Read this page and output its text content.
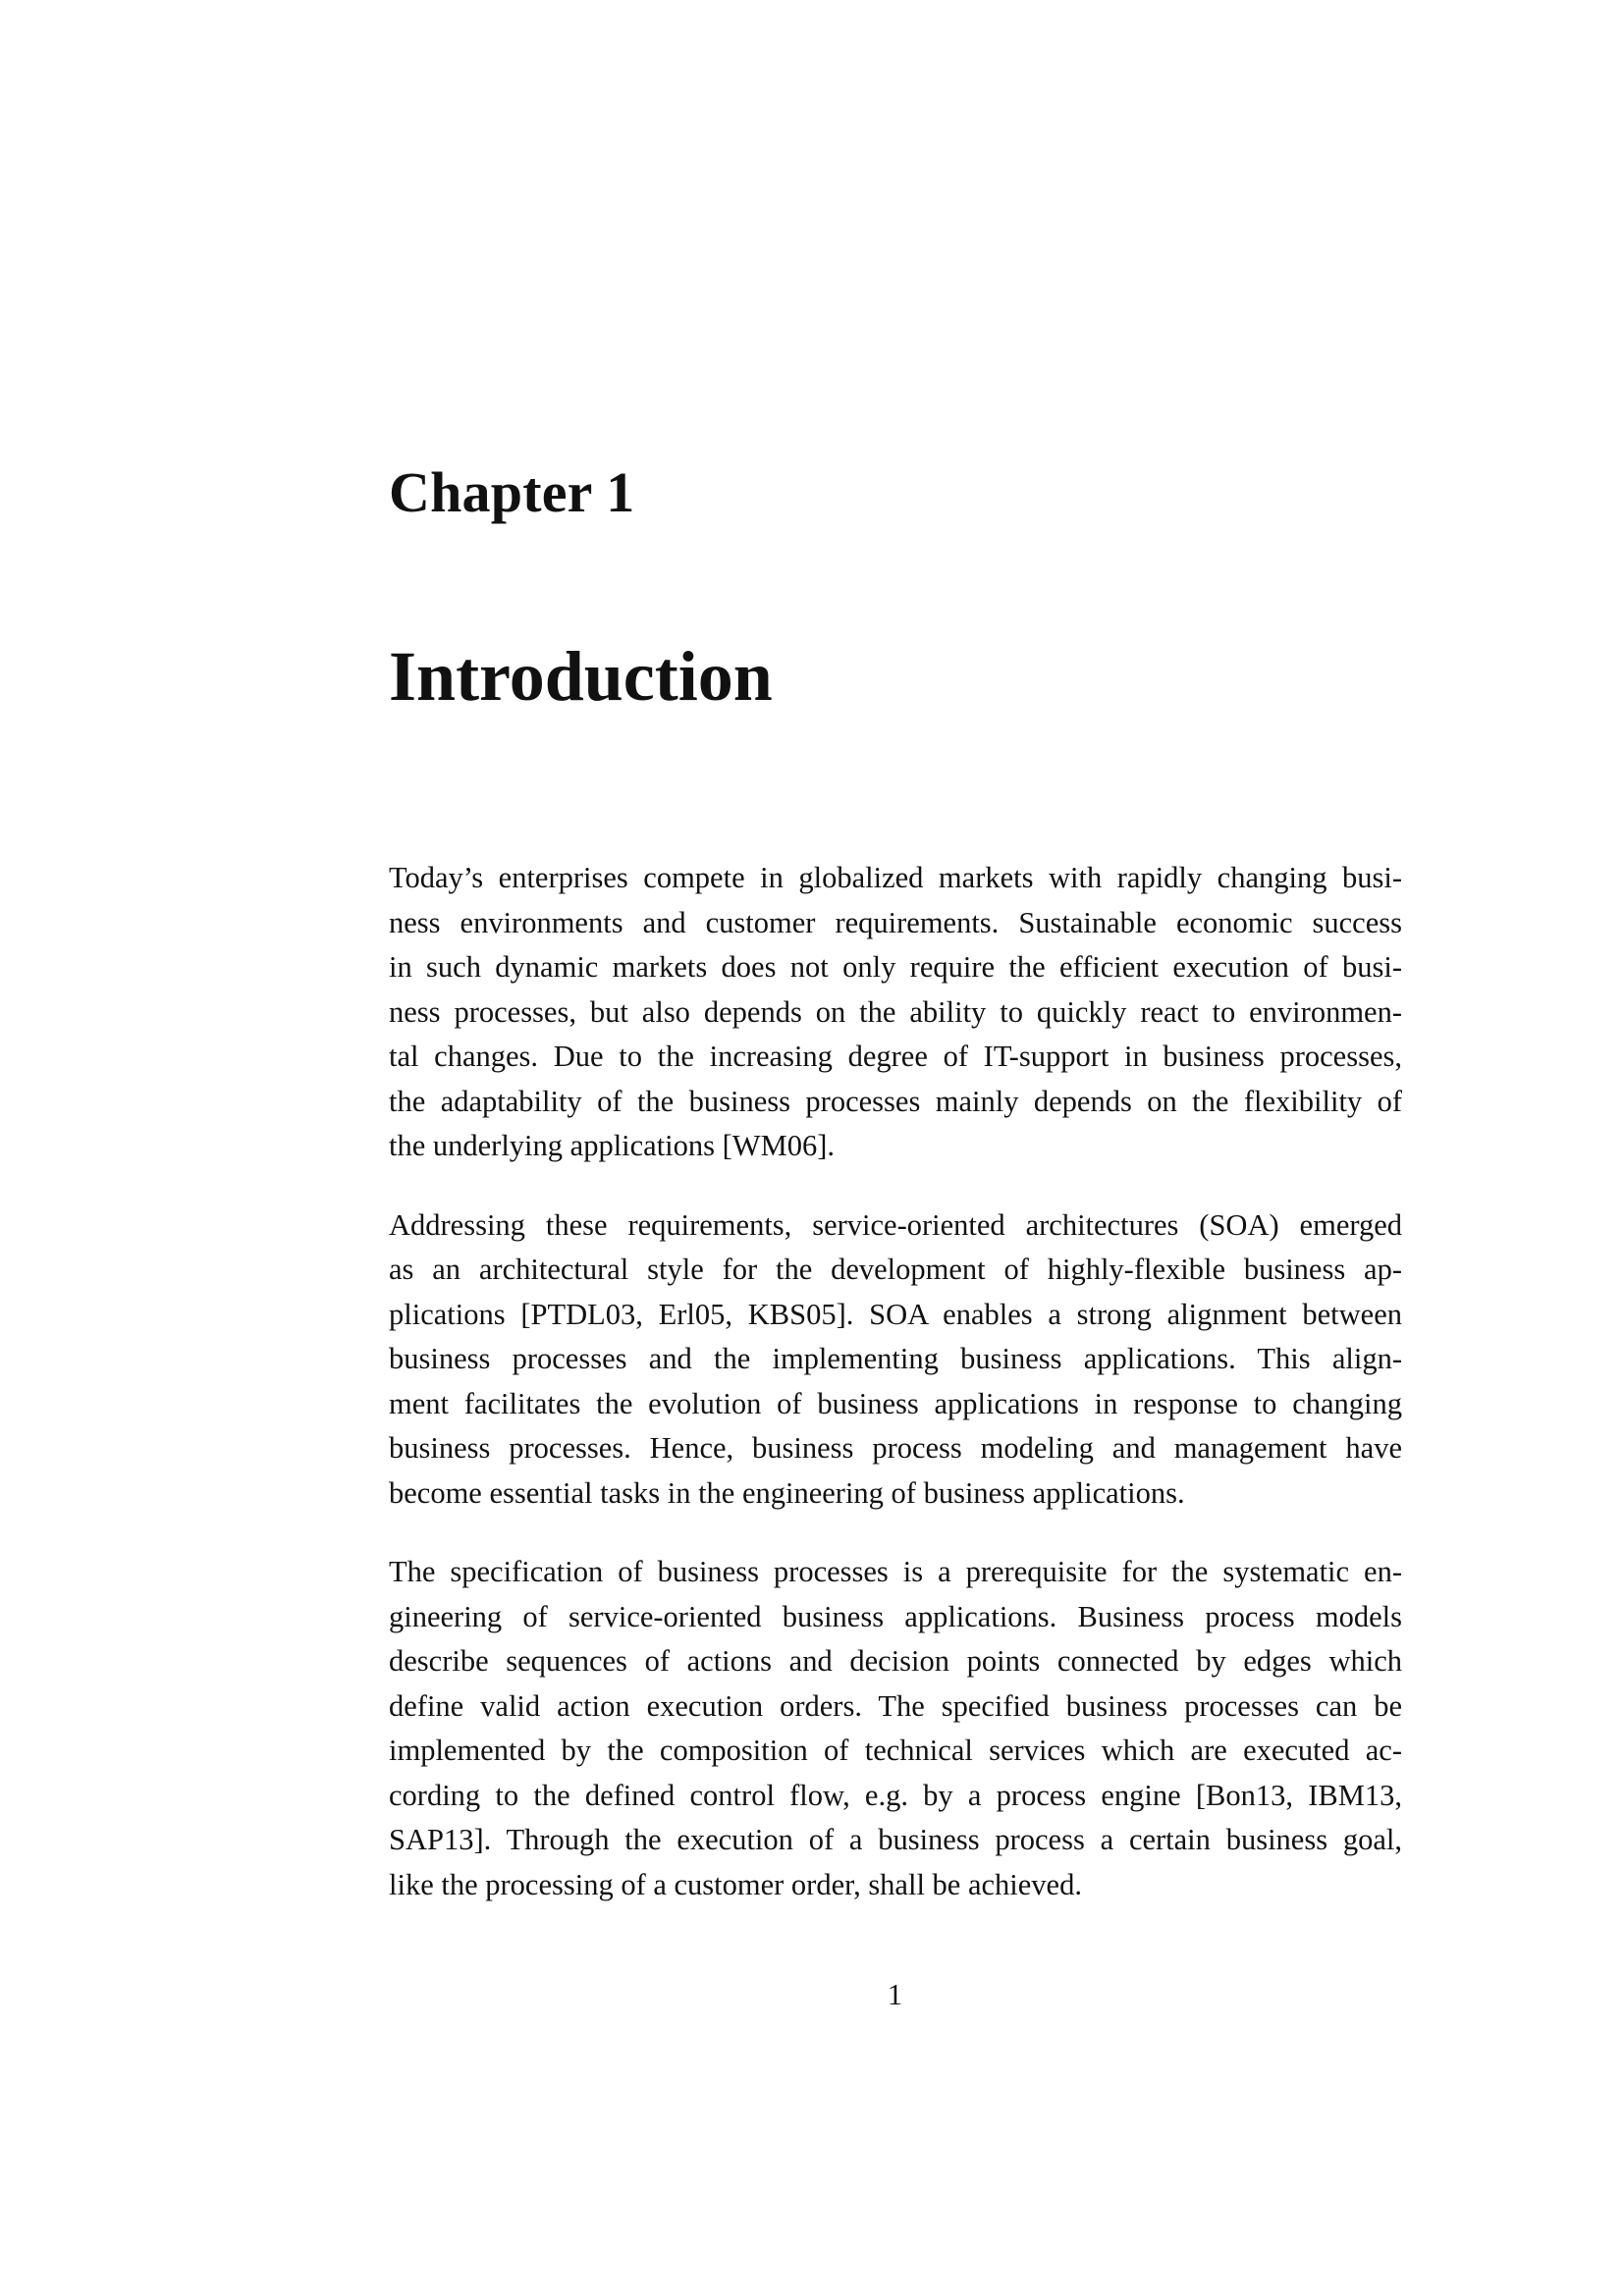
Chapter 1
Introduction

Today’s enterprises compete in globalized markets with rapidly changing busi-
ness environments and customer requirements. Sustainable economic success
in such dynamic markets does not only require the efficient execution of busi-
ness processes, but also depends on the ability to quickly react to environmen-
tal changes. Due to the increasing degree of IT-support in business processes,
the adaptability of the business processes mainly depends on the flexibility of
the underlying applications [WM06].

Addressing these requirements, service-oriented architectures (SOA) emerged
as an architectural style for the development of highly-flexible business ap-
plications [PTDL03, Erl05, KBS05]. SOA enables a strong alignment between
business processes and the implementing business applications. This align-
ment facilitates the evolution of business applications in response to changing
business processes. Hence, business process modeling and management have
become essential tasks in the engineering of business applications.

The specification of business processes is a prerequisite for the systematic en-
gineering of service-oriented business applications. Business process models
describe sequences of actions and decision points connected by edges which
define valid action execution orders. The specified business processes can be
implemented by the composition of technical services which are executed ac-
cording to the defined control flow, e.g. by a process engine [Bon13, IBM13,
SAP13]. Through the execution of a business process a certain business goal,
like the processing of a customer order, shall be achieved.

1
